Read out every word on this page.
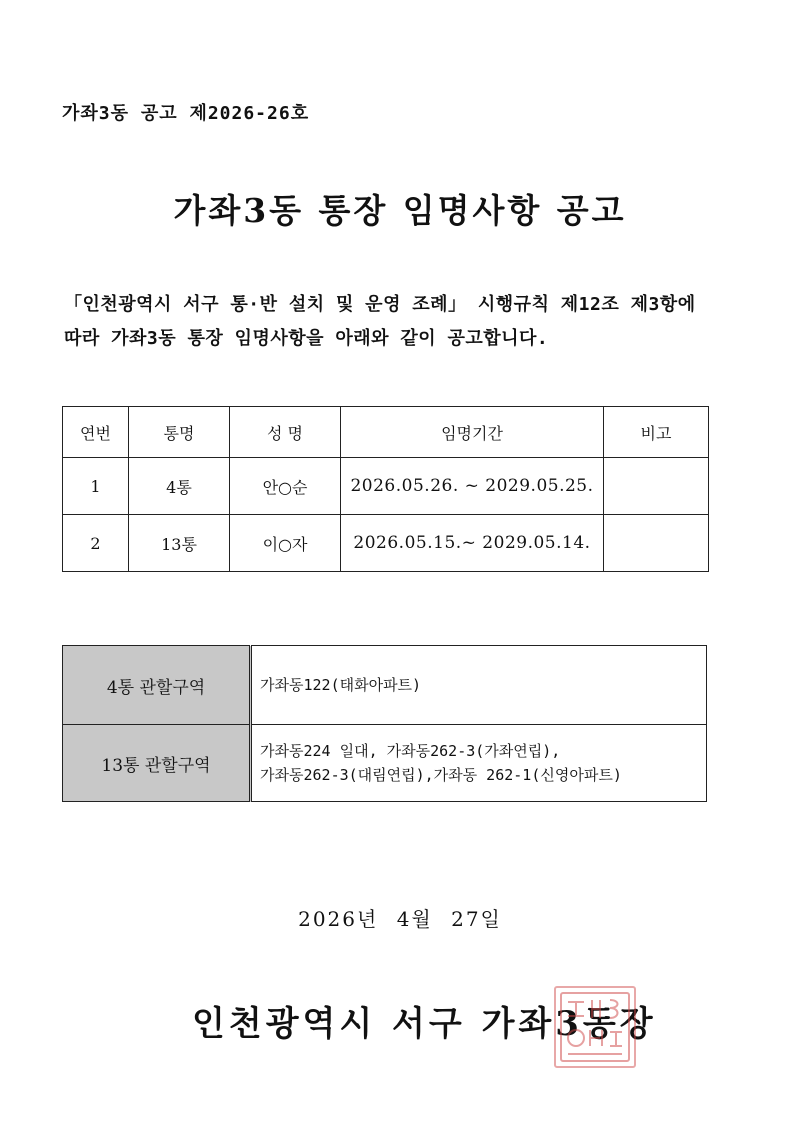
가좌3동 공고 제2026-26호
가좌3동 통장 임명사항 공고
「인천광역시 서구 통·반 설치 및 운영 조례」 시행규칙 제12조 제3항에
따라 가좌3동 통장 임명사항을 아래와 같이 공고합니다.
연번	통명	성 명	임명기간	비고
1	4통	안○순	2026.05.26. ~ 2029.05.25.	
2	13통	이○자	2026.05.15.~ 2029.05.14.	
4통 관할구역	가좌동122(태화아파트)

13통 관할구역	가좌동224 일대, 가좌동262-3(가좌연립),
가좌동262-3(대림연립),가좌동 262-1(신영아파트)
2026년 4월 27일
인천광역시 서구 가좌3동장
